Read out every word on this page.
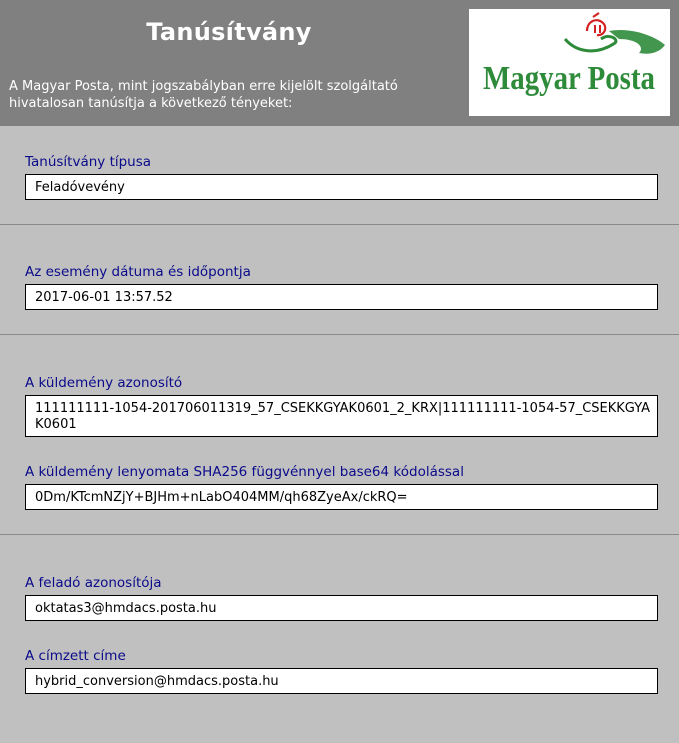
Tanúsítvány
A Magyar Posta, mint jogszabályban erre kijelölt szolgáltató hivatalosan tanúsítja a következő tényeket:
Magyar Posta
Tanúsítvány típusa
Feladóvevény
Az esemény dátuma és időpontja
2017-06-01 13:57.52
A küldemény azonosító
111111111-1054-201706011319_57_CSEKKGYAK0601_2_KRX|111111111-1054-57_CSEKKGYAK0601
A küldemény lenyomata SHA256 függvénnyel base64 kódolással
0Dm/KTcmNZjY+BJHm+nLabO404MM/qh68ZyeAx/ckRQ=
A feladó azonosítója
oktatas3@hmdacs.posta.hu
A címzett címe
hybrid_conversion@hmdacs.posta.hu
